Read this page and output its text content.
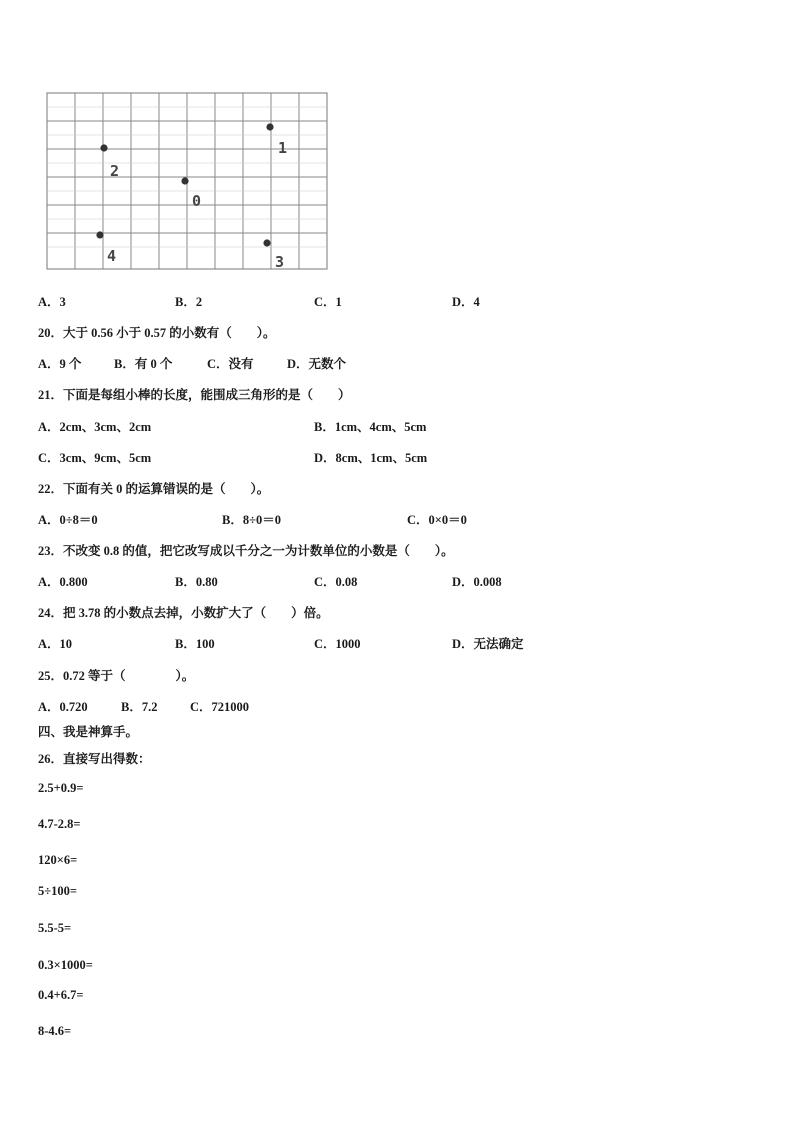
1
2
0
4	3
A．3	B．2	C．1	D．4
20．大于 0.56 小于 0.57 的小数有（　　）。
A．9 个	B．有 0 个	C．没有	D．无数个
21．下面是每组小棒的长度，能围成三角形的是（　　）
A．2cm、3cm、2cm	B．1cm、4cm、5cm
C．3cm、9cm、5cm	D．8cm、1cm、5cm
22．下面有关 0 的运算错误的是（　　）。
A．0÷8＝0	B．8÷0＝0	C．0×0＝0
23．不改变 0.8 的值，把它改写成以千分之一为计数单位的小数是（　　）。
A．0.800	B．0.80	C．0.08	D．0.008
24．把 3.78 的小数点去掉，小数扩大了（　　）倍。
A．10	B．100	C．1000	D．无法确定
25．0.72 等于（　　　　）。
A．0.720	B．7.2	C．721000
四、我是神算手。
26．直接写出得数：
2.5+0.9=
4.7-2.8=
120×6=
5÷100=
5.5-5=
0.3×1000=
0.4+6.7=
8-4.6=
